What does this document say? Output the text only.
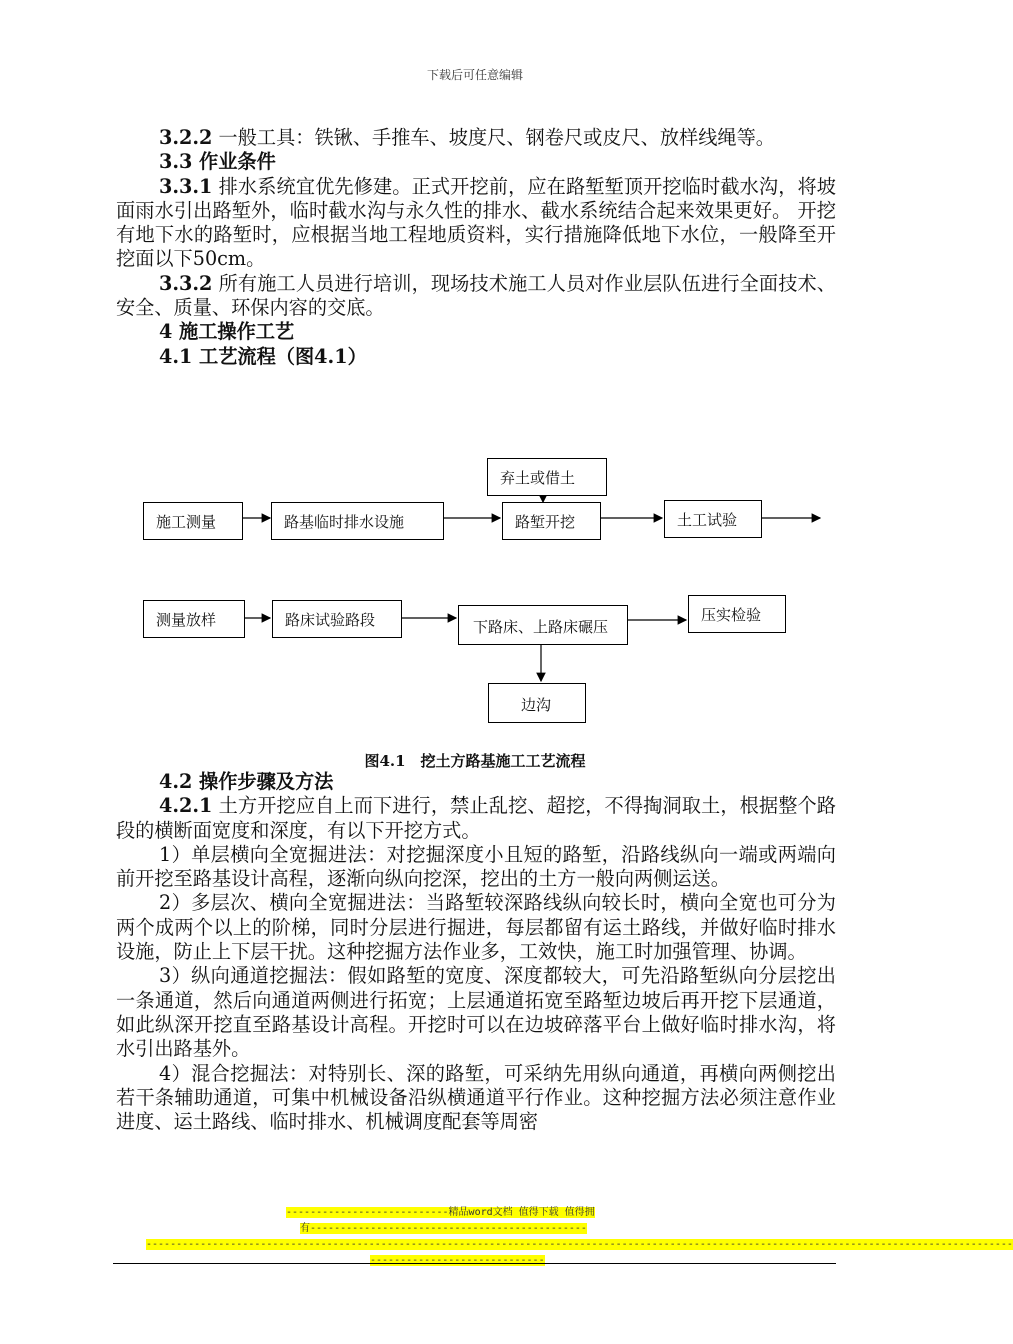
下载后可任意编辑

3.2.2 一般工具：铁锹、手推车、坡度尺、钢卷尺或皮尺、放样线绳等。

3.3 作业条件

3.3.1 排水系统宜优先修建。正式开挖前，应在路堑堑顶开挖临时截水沟，将坡面雨水引出路堑外，临时截水沟与永久性的排水、截水系统结合起来效果更好。 开挖有地下水的路堑时，应根据当地工程地质资料，实行措施降低地下水位，一般降至开挖面以下50cm。

3.3.2 所有施工人员进行培训，现场技术施工人员对作业层队伍进行全面技术、安全、质量、环保内容的交底。

4 施工操作工艺

4.1 工艺流程（图4.1）

施工测量	路基临时排水设施
弃土或借土
路堑开挖	土工试验
测量放样	路床试验路段	下路床、上路床碾压
压实检验
边沟
图4.1　挖土方路基施工工艺流程

4.2 操作步骤及方法

4.2.1 土方开挖应自上而下进行，禁止乱挖、超挖，不得掏洞取土，根据整个路段的横断面宽度和深度，有以下开挖方式。

1）单层横向全宽掘进法：对挖掘深度小且短的路堑，沿路线纵向一端或两端向前开挖至路基设计高程，逐渐向纵向挖深，挖出的土方一般向两侧运送。

2）多层次、横向全宽掘进法：当路堑较深路线纵向较长时，横向全宽也可分为两个成两个以上的阶梯，同时分层进行掘进，每层都留有运土路线，并做好临时排水设施，防止上下层干扰。这种挖掘方法作业多，工效快，施工时加强管理、协调。

3）纵向通道挖掘法：假如路堑的宽度、深度都较大，可先沿路堑纵向分层挖出一条通道，然后向通道两侧进行拓宽；上层通道拓宽至路堑边坡后再开挖下层通道，如此纵深开挖直至路基设计高程。开挖时可以在边坡碎落平台上做好临时排水沟，将水引出路基外。

4）混合挖掘法：对特别长、深的路堑，可采纳先用纵向通道，再横向两侧挖出若干条辅助通道，可集中机械设备沿纵横通道平行作业。这种挖掘方法必须注意作业进度、运土路线、临时排水、机械调度配套等周密

---------------------------精品word文档 值得下载 值得拥
有----------------------------------------------
------------------------------------------------------------------------------------------------------------------------------------------------
-----------------------------
